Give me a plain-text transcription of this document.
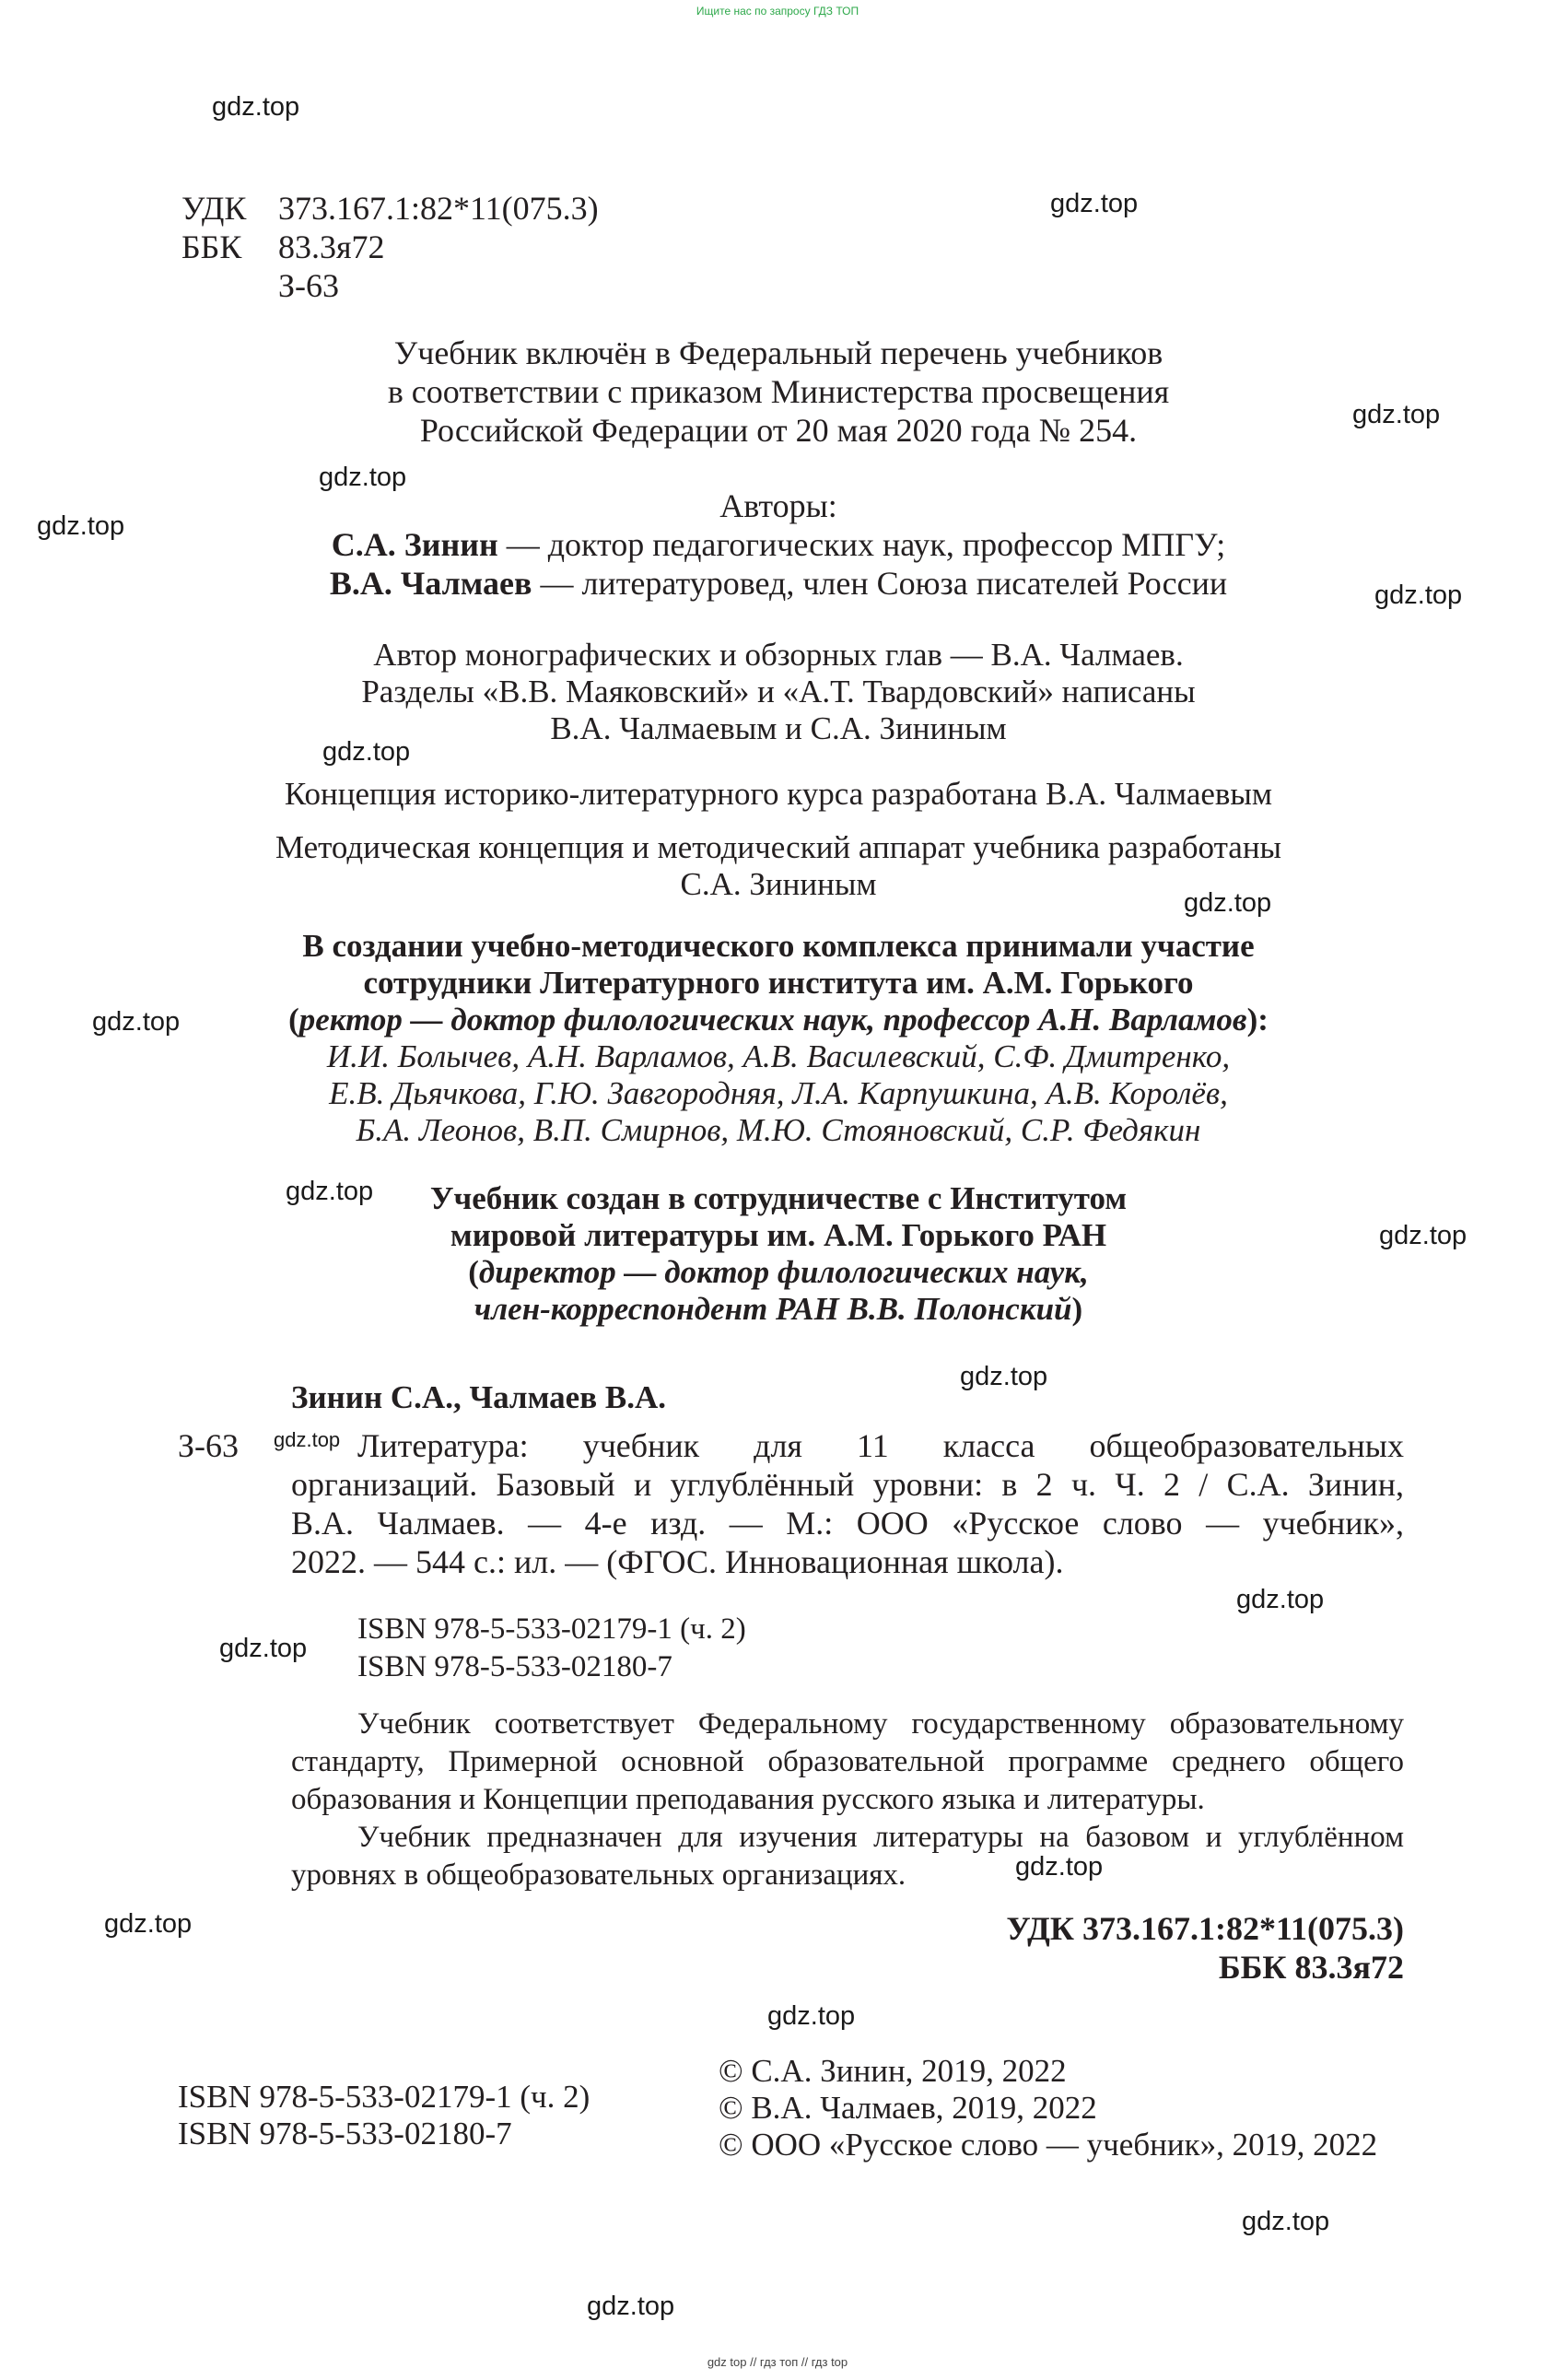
Ищите нас по запросу ГДЗ ТОП
gdz top // гдз топ // гдз top
gdz.top
gdz.top
gdz.top
gdz.top
gdz.top
gdz.top
gdz.top
gdz.top
gdz.top
gdz.top
gdz.top
gdz.top
gdz.top
gdz.top
gdz.top
gdz.top
gdz.top
gdz.top
gdz.top
gdz.top
УДК 373.167.1:82*11(075.3)
ББК 83.3я72
З-63
Учебник включён в Федеральный перечень учебников
в соответствии с приказом Министерства просвещения
Российской Федерации от 20 мая 2020 года № 254.
Авторы:
С.А. Зинин — доктор педагогических наук, профессор МПГУ;
В.А. Чалмаев — литературовед, член Союза писателей России
Автор монографических и обзорных глав — В.А. Чалмаев.
Разделы «В.В. Маяковский» и «А.Т. Твардовский» написаны
В.А. Чалмаевым и С.А. Зининым
Концепция историко-литературного курса разработана В.А. Чалмаевым
Методическая концепция и методический аппарат учебника разработаны
С.А. Зининым
В создании учебно-методического комплекса принимали участие
сотрудники Литературного института им. А.М. Горького
(ректор — доктор филологических наук, профессор А.Н. Варламов):
И.И. Болычев, А.Н. Варламов, А.В. Василевский, С.Ф. Дмитренко,
Е.В. Дьячкова, Г.Ю. Завгородняя, Л.А. Карпушкина, А.В. Королёв,
Б.А. Леонов, В.П. Смирнов, М.Ю. Стояновский, С.Р. Федякин
Учебник создан в сотрудничестве с Институтом
мировой литературы им. А.М. Горького РАН
(директор — доктор филологических наук,
член-корреспондент РАН В.В. Полонский)
Зинин С.А., Чалмаев В.А.
З-63	Литература: учебник для 11 класса общеобразовательных
организаций. Базовый и углублённый уровни: в 2 ч. Ч. 2 / С.А. Зинин,
В.А. Чалмаев. — 4-е изд. — М.: ООО «Русское слово — учебник»,
2022. — 544 с.: ил. — (ФГОС. Инновационная школа).
ISBN 978-5-533-02179-1 (ч. 2)
ISBN 978-5-533-02180-7
Учебник соответствует Федеральному государственному образовательному
стандарту, Примерной основной образовательной программе среднего общего
образования и Концепции преподавания русского языка и литературы.
Учебник предназначен для изучения литературы на базовом и углублённом
уровнях в общеобразовательных организациях.
УДК 373.167.1:82*11(075.3)
ББК 83.3я72
ISBN 978-5-533-02179-1 (ч. 2)
ISBN 978-5-533-02180-7
© С.А. Зинин, 2019, 2022
© В.А. Чалмаев, 2019, 2022
© ООО «Русское слово — учебник», 2019, 2022
